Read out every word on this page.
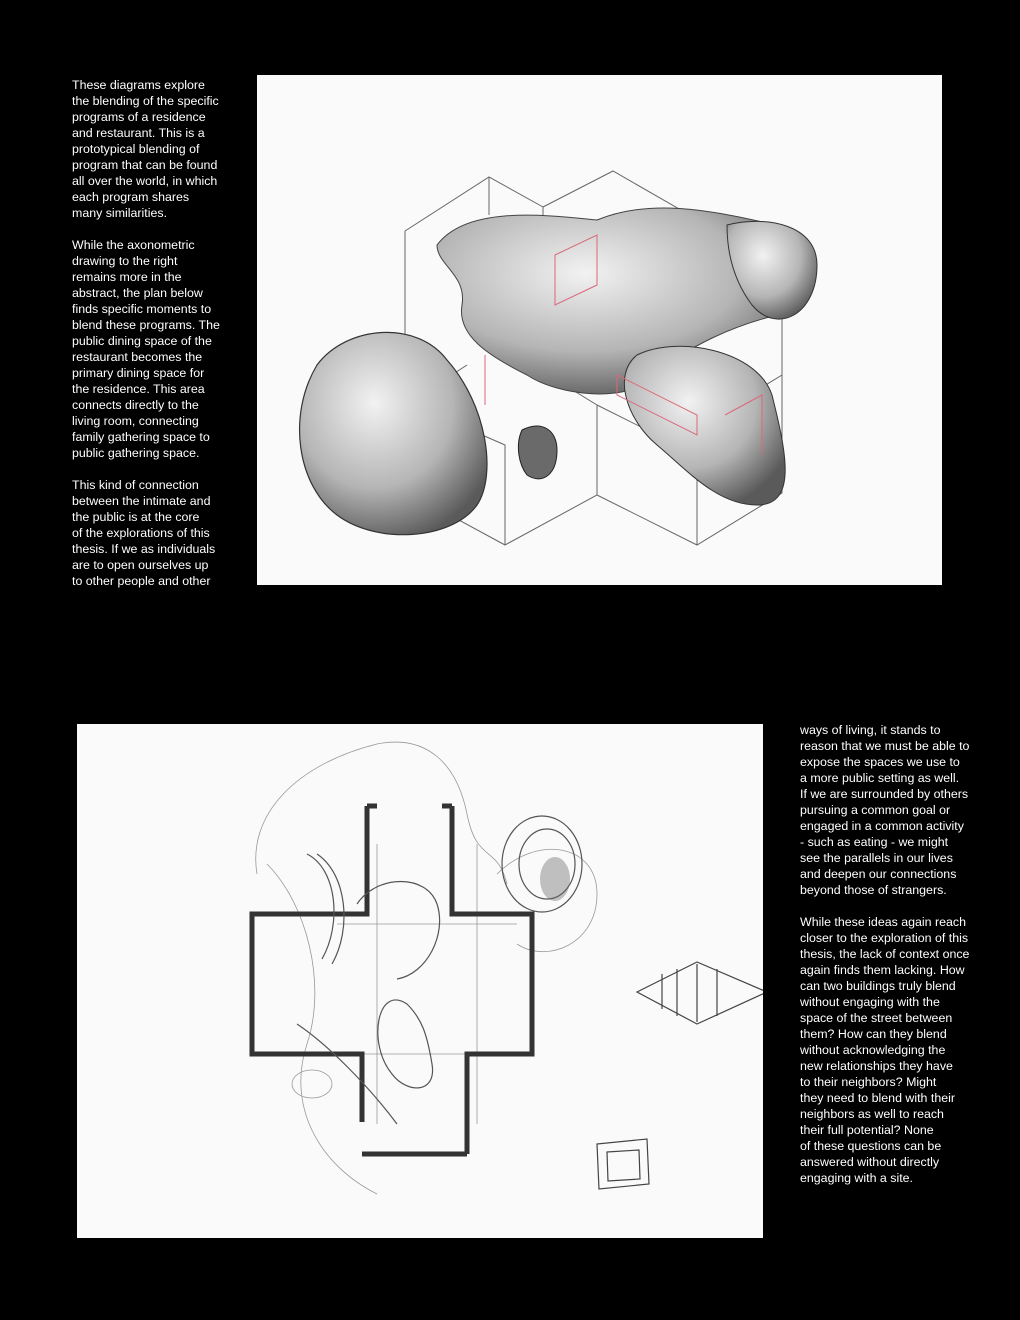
These diagrams explore
the blending of the specific
programs of a residence
and restaurant. This is a
prototypical blending of
program that can be found
all over the world, in which
each program shares
many similarities.

While the axonometric
drawing to the right
remains more in the
abstract, the plan below
finds specific moments to
blend these programs. The
public dining space of the
restaurant becomes the
primary dining space for
the residence. This area
connects directly to the
living room, connecting
family gathering space to
public gathering space.

This kind of connection
between the intimate and
the public is at the core
of the explorations of this
thesis. If we as individuals
are to open ourselves up
to other people and other

ways of living, it stands to
reason that we must be able to
expose the spaces we use to
a more public setting as well.
If we are surrounded by others
pursuing a common goal or
engaged in a common activity
- such as eating - we might
see the parallels in our lives
and deepen our connections
beyond those of strangers.

While these ideas again reach
closer to the exploration of this
thesis, the lack of context once
again finds them lacking. How
can two buildings truly blend
without engaging with the
space of the street between
them? How can they blend
without acknowledging the
new relationships they have
to their neighbors? Might
they need to blend with their
neighbors as well to reach
their full potential? None
of these questions can be
answered without directly
engaging with a site.
